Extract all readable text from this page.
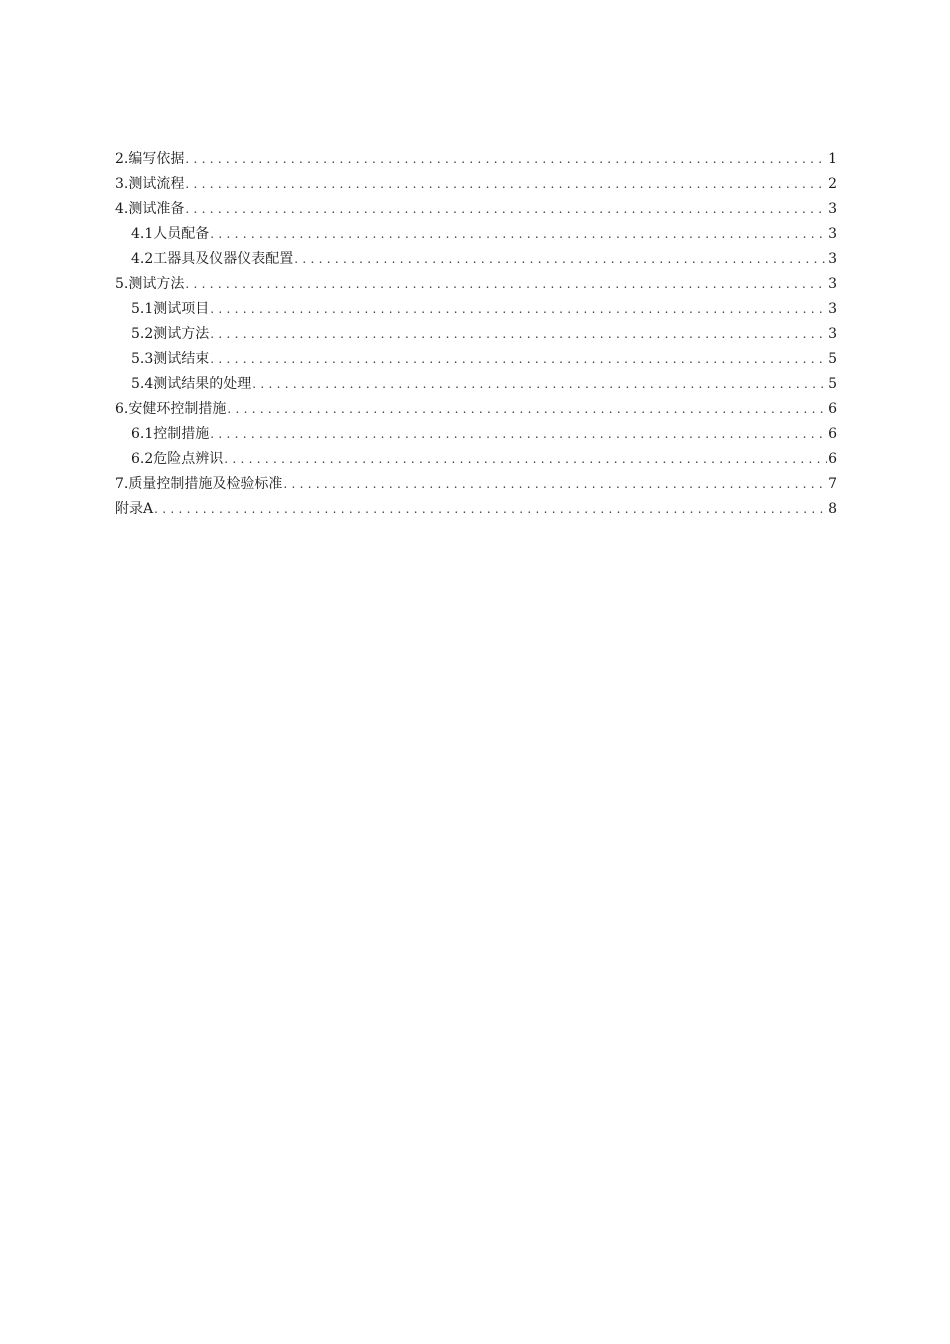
2.编写依据 .....	1
3.测试流程 .....	2
4.测试准备 .....	3
4.1人员配备 .....	3
4.2工器具及仪器仪表配置 .....	3
5.测试方法 .....	3
5.1测试项目 .....	3
5.2测试方法 .....	3
5.3测试结束 .....	5
5.4测试结果的处理 .....	5
6.安健环控制措施 .....	6
6.1控制措施 .....	6
6.2危险点辨识 .....	6
7.质量控制措施及检验标准 .....	7
附录A .....	8
